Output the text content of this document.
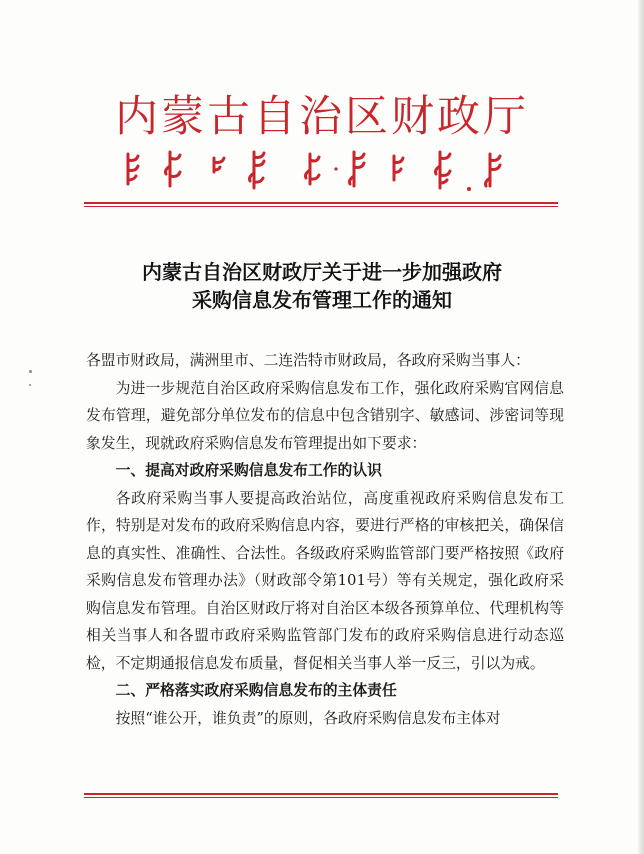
内蒙古自治区财政厅
内蒙古自治区财政厅关于进一步加强政府
采购信息发布管理工作的通知

各盟市财政局，满洲里市、二连浩特市财政局，各政府采购当事人：

为进一步规范自治区政府采购信息发布工作，强化政府采购官网信息发布管理，避免部分单位发布的信息中包含错别字、敏感词、涉密词等现象发生，现就政府采购信息发布管理提出如下要求：

一、提高对政府采购信息发布工作的认识

各政府采购当事人要提高政治站位，高度重视政府采购信息发布工作，特别是对发布的政府采购信息内容，要进行严格的审核把关，确保信息的真实性、准确性、合法性。各级政府采购监管部门要严格按照《政府采购信息发布管理办法》（财政部令第101号）等有关规定，强化政府采购信息发布管理。自治区财政厅将对自治区本级各预算单位、代理机构等相关当事人和各盟市政府采购监管部门发布的政府采购信息进行动态巡检，不定期通报信息发布质量，督促相关当事人举一反三，引以为戒。

二、严格落实政府采购信息发布的主体责任

按照“谁公开，谁负责”的原则，各政府采购信息发布主体对
